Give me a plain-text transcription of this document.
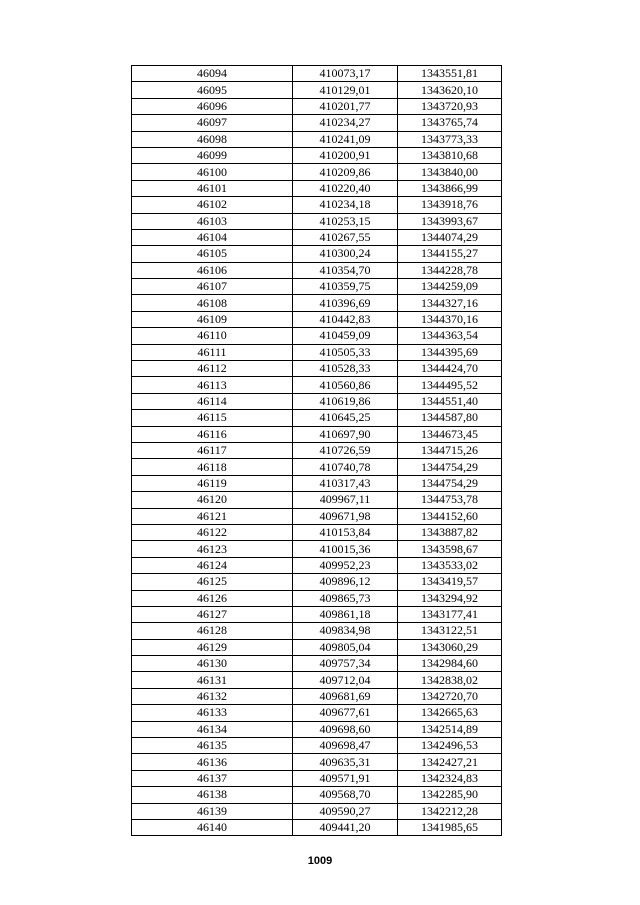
46094	410073,17	1343551,81
46095	410129,01	1343620,10
46096	410201,77	1343720,93
46097	410234,27	1343765,74
46098	410241,09	1343773,33
46099	410200,91	1343810,68
46100	410209,86	1343840,00
46101	410220,40	1343866,99
46102	410234,18	1343918,76
46103	410253,15	1343993,67
46104	410267,55	1344074,29
46105	410300,24	1344155,27
46106	410354,70	1344228,78
46107	410359,75	1344259,09
46108	410396,69	1344327,16
46109	410442,83	1344370,16
46110	410459,09	1344363,54
46111	410505,33	1344395,69
46112	410528,33	1344424,70
46113	410560,86	1344495,52
46114	410619,86	1344551,40
46115	410645,25	1344587,80
46116	410697,90	1344673,45
46117	410726,59	1344715,26
46118	410740,78	1344754,29
46119	410317,43	1344754,29
46120	409967,11	1344753,78
46121	409671,98	1344152,60
46122	410153,84	1343887,82
46123	410015,36	1343598,67
46124	409952,23	1343533,02
46125	409896,12	1343419,57
46126	409865,73	1343294,92
46127	409861,18	1343177,41
46128	409834,98	1343122,51
46129	409805,04	1343060,29
46130	409757,34	1342984,60
46131	409712,04	1342838,02
46132	409681,69	1342720,70
46133	409677,61	1342665,63
46134	409698,60	1342514,89
46135	409698,47	1342496,53
46136	409635,31	1342427,21
46137	409571,91	1342324,83
46138	409568,70	1342285,90
46139	409590,27	1342212,28
46140	409441,20	1341985,65
1009
